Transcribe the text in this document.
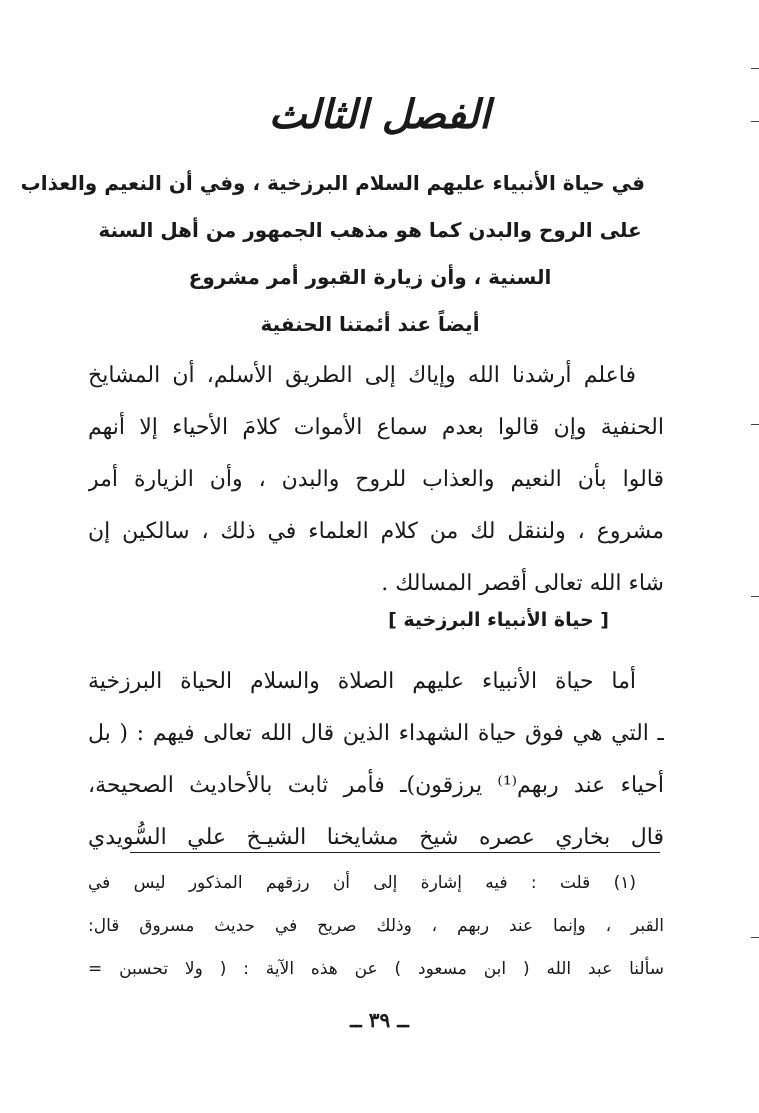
الفصل الثالث
في حياة الأنبياء عليهم السلام البرزخية ، وفي أن النعيم والعذاب
على الروح والبدن كما هو مذهب الجمهور من أهل السنة
السنية ، وأن زيارة القبور أمر مشروع
أيضاً عند أئمتنا الحنفية
فاعلم أرشدنا الله وإياك إلى الطريق الأسلم، أن المشايخ
الحنفية وإن قالوا بعدم سماع الأموات كلامَ الأحياء إلا أنهم
قالوا بأن النعيم والعذاب للروح والبدن ، وأن الزيارة أمر
مشروع ، ولننقل لك من كلام العلماء في ذلك ، سالكين إن
شاء الله تعالى أقصر المسالك .
[ حياة الأنبياء البرزخية ]
أما حياة الأنبياء عليهم الصلاة والسلام الحياة البرزخية
ـ التي هي فوق حياة الشهداء الذين قال الله تعالى فيهم : ( بل
أحياء عند ربهم⁽¹⁾ يرزقون)ـ فأمر ثابت بالأحاديث الصحيحة،
قال بخاري عصره شيخ مشايخنا الشيـخ علي السُّويدي
(١) قلت : فيه إشارة إلى أن رزقهم المذكور ليس في
القبر ، وإنما عند ربهم ، وذلك صريح في حديث مسروق قال:
سألنا عبد الله ( ابن مسعود ) عن هذه الآية : ( ولا تحسبن =
ــ ٣٩ ــ
